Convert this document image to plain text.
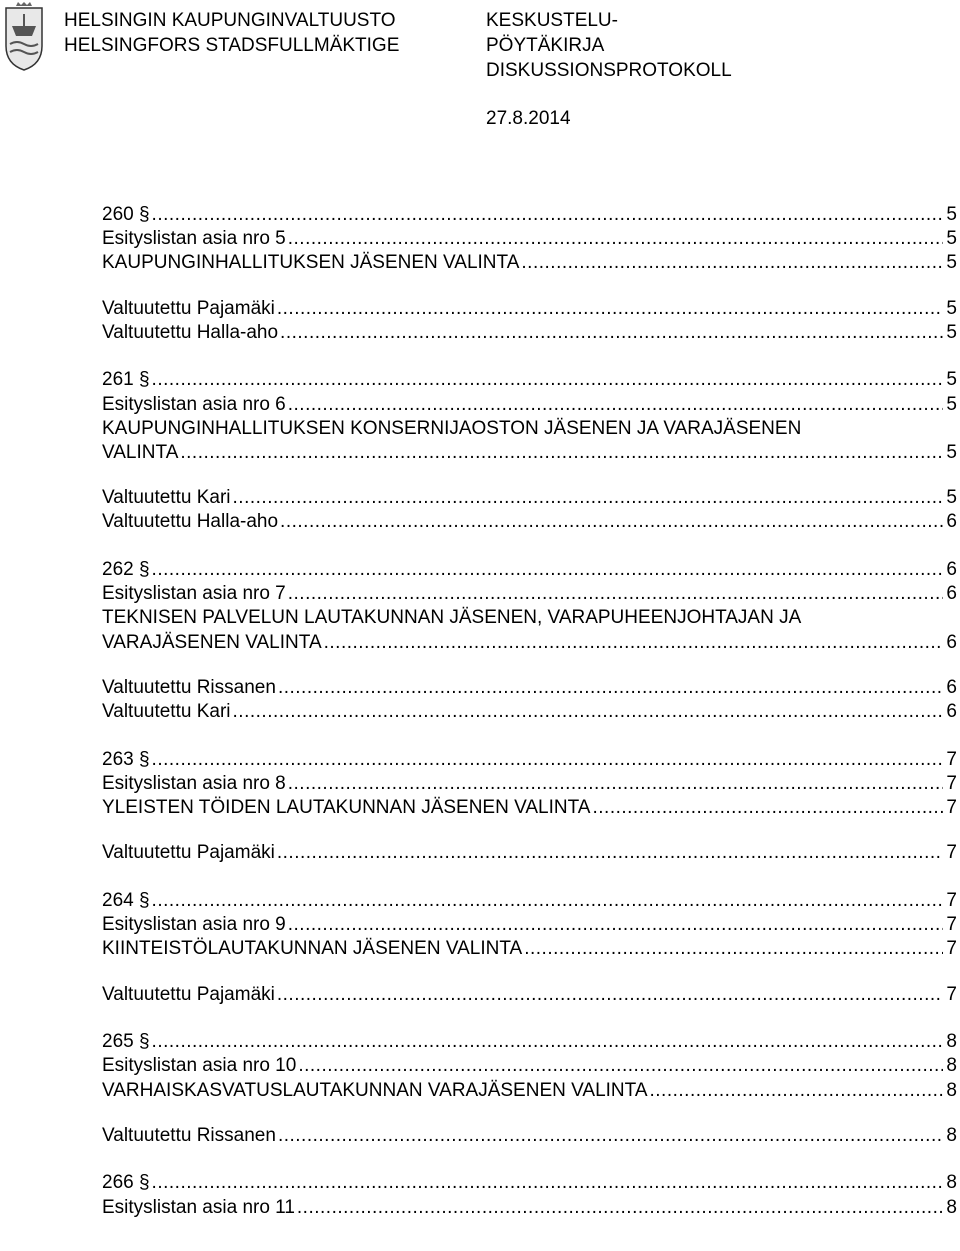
HELSINGIN KAUPUNGINVALTUUSTO
HELSINGFORS STADSFULLMÄKTIGE
KESKUSTELU-
PÖYTÄKIRJA
DISKUSSIONSPROTOKOLL
27.8.2014
260 § .....	5
Esityslistan asia nro 5 .....	5
KAUPUNGINHALLITUKSEN JÄSENEN VALINTA .....	5
Valtuutettu Pajamäki .....	5
Valtuutettu Halla-aho .....	5
261 § .....	5
Esityslistan asia nro 6 .....	5
KAUPUNGINHALLITUKSEN KONSERNIJAOSTON JÄSENEN JA VARAJÄSENEN
VALINTA .....	5
Valtuutettu Kari .....	5
Valtuutettu Halla-aho .....	6
262 § .....	6
Esityslistan asia nro 7 .....	6
TEKNISEN PALVELUN LAUTAKUNNAN JÄSENEN, VARAPUHEENJOHTAJAN JA
VARAJÄSENEN VALINTA .....	6
Valtuutettu Rissanen .....	6
Valtuutettu Kari .....	6
263 § .....	7
Esityslistan asia nro 8 .....	7
YLEISTEN TÖIDEN LAUTAKUNNAN JÄSENEN VALINTA .....	7
Valtuutettu Pajamäki .....	7
264 § .....	7
Esityslistan asia nro 9 .....	7
KIINTEISTÖLAUTAKUNNAN JÄSENEN VALINTA .....	7
Valtuutettu Pajamäki .....	7
265 § .....	8
Esityslistan asia nro 10 .....	8
VARHAISKASVATUSLAUTAKUNNAN VARAJÄSENEN VALINTA .....	8
Valtuutettu Rissanen .....	8
266 § .....	8
Esityslistan asia nro 11 .....	8
